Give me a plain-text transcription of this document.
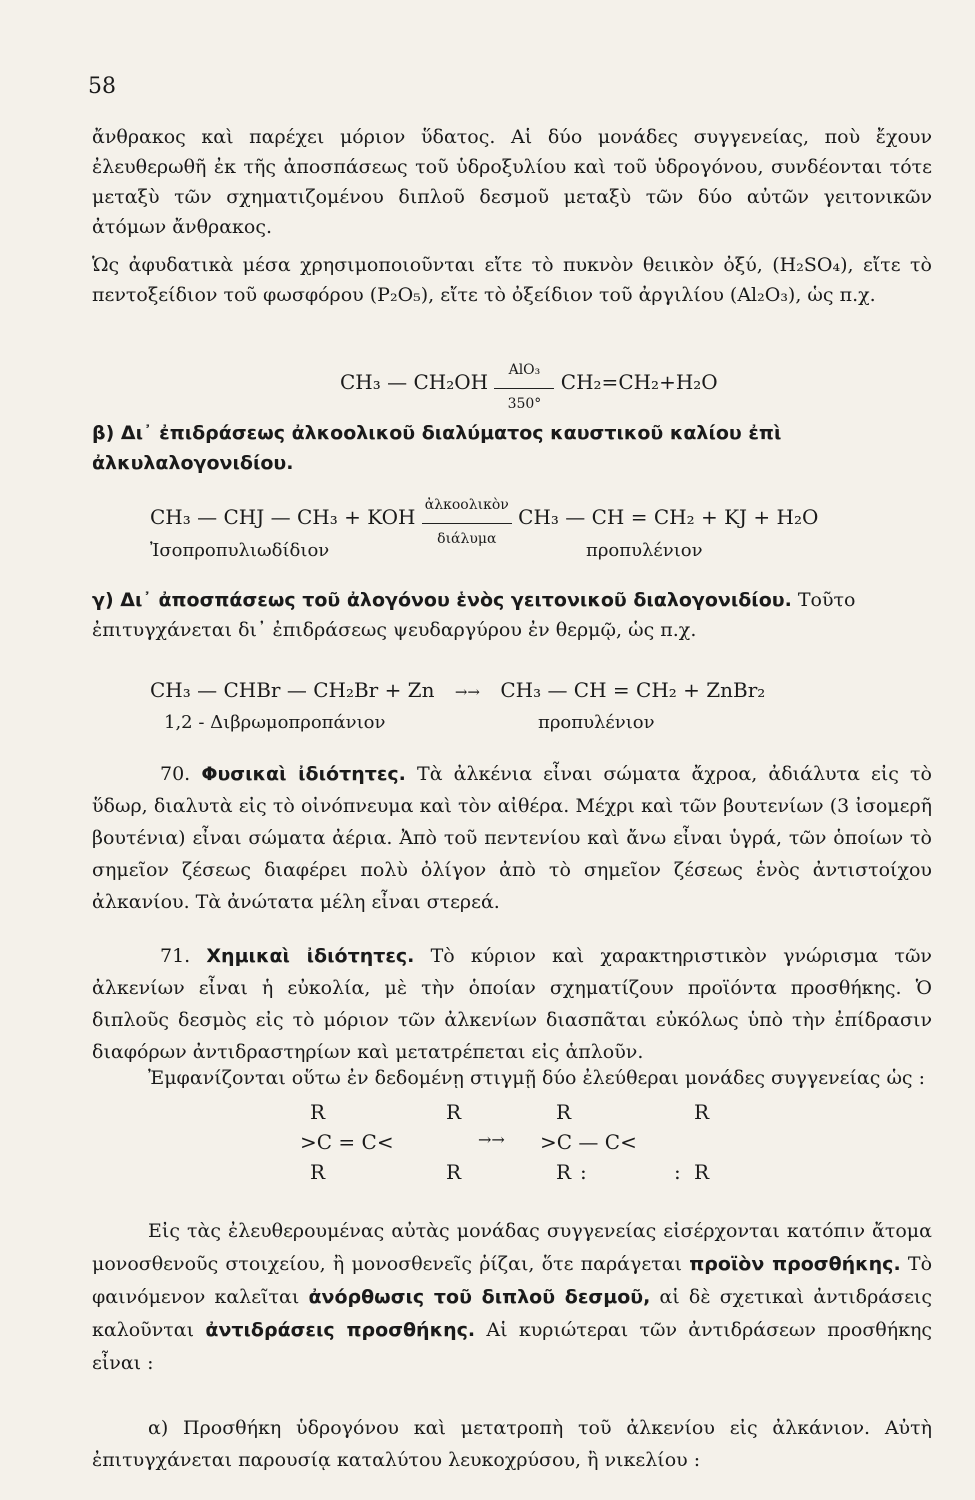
58
ἄνθρακος καὶ παρέχει μόριον ὕδατος. Αἱ δύο μονάδες συγγενείας, ποὺ ἔχουν ἐλευθερωθῆ ἐκ τῆς ἀποσπάσεως τοῦ ὑδροξυλίου καὶ τοῦ ὑδρογόνου, συνδέονται τότε μεταξὺ τῶν σχηματιζομένου διπλοῦ δεσμοῦ μεταξὺ τῶν δύο αὐτῶν γειτονικῶν ἀτόμων ἄνθρακος.
Ὡς ἀφυδατικὰ μέσα χρησιμοποιοῦνται εἴτε τὸ πυκνὸν θειικὸν ὀξύ, (H₂SO₄), εἴτε τὸ πεντοξείδιον τοῦ φωσφόρου (P₂O₅), εἴτε τὸ ὀξείδιον τοῦ ἀργιλίου (Al₂O₃), ὡς π.χ.
CH₃ — CH₂OH	AlO₃
350°
CH₂=CH₂+H₂O
β) Δι᾽ ἐπιδράσεως ἀλκοολικοῦ διαλύματος καυστικοῦ καλίου ἐπὶ ἀλκυλαλογονιδίου.
CH₃ — CHJ — CH₃ + KOH ἀλκοολικὸν
διάλυμα
CH₃ — CH = CH₂ + KJ + H₂O
Ἰσοπροπυλιωδίδιον	προπυλένιον
γ) Δι᾽ ἀποσπάσεως τοῦ ἀλογόνου ἑνὸς γειτονικοῦ διαλογονιδίου. Τοῦτο ἐπιτυγχάνεται δι᾽ ἐπιδράσεως ψευδαργύρου ἐν θερμῷ, ὡς π.χ.
CH₃ — CHBr — CH₂Br + Zn →→ CH₃ — CH = CH₂ + ZnBr₂
1,2 - Διβρωμοπροπάνιον	προπυλένιον
70. Φυσικαὶ ἰδιότητες. Τὰ ἀλκένια εἶναι σώματα ἄχροα, ἀδιάλυτα εἰς τὸ ὕδωρ, διαλυτὰ εἰς τὸ οἰνόπνευμα καὶ τὸν αἰθέρα. Μέχρι καὶ τῶν βουτενίων (3 ἰσομερῆ βουτένια) εἶναι σώματα ἀέρια. Ἀπὸ τοῦ πεντενίου καὶ ἄνω εἶναι ὑγρά, τῶν ὁποίων τὸ σημεῖον ζέσεως διαφέρει πολὺ ὀλίγον ἀπὸ τὸ σημεῖον ζέσεως ἑνὸς ἀντιστοίχου ἀλκανίου. Τὰ ἀνώτατα μέλη εἶναι στερεά.
71. Χημικαὶ ἰδιότητες. Τὸ κύριον καὶ χαρακτηριστικὸν γνώρισμα τῶν ἀλκενίων εἶναι ἡ εὐκολία, μὲ τὴν ὁποίαν σχηματίζουν προϊόντα προσθήκης. Ὁ διπλοῦς δεσμὸς εἰς τὸ μόριον τῶν ἀλκενίων διασπᾶται εὐκόλως ὑπὸ τὴν ἐπίδρασιν διαφόρων ἀντιδραστηρίων καὶ μετατρέπεται εἰς ἁπλοῦν.
Ἐμφανίζονται οὕτω ἐν δεδομένῃ στιγμῇ δύο ἐλεύθεραι μονάδες συγγενείας ὡς :
R	R
>C = C<
R	R
→→
R	R
>C — C<
R :	: R
Εἰς τὰς ἐλευθερουμένας αὐτὰς μονάδας συγγενείας εἰσέρχονται κατόπιν ἄτομα μονοσθενοῦς στοιχείου, ἢ μονοσθενεῖς ῥίζαι, ὅτε παράγεται προϊὸν προσθήκης. Τὸ φαινόμενον καλεῖται ἀνόρθωσις τοῦ διπλοῦ δεσμοῦ, αἱ δὲ σχετικαὶ ἀντιδράσεις καλοῦνται ἀντιδράσεις προσθήκης. Αἱ κυριώτεραι τῶν ἀντιδράσεων προσθήκης εἶναι :
α) Προσθήκη ὑδρογόνου καὶ μετατροπὴ τοῦ ἀλκενίου εἰς ἀλκάνιον. Αὐτὴ ἐπιτυγχάνεται παρουσίᾳ καταλύτου λευκοχρύσου, ἢ νικελίου :
